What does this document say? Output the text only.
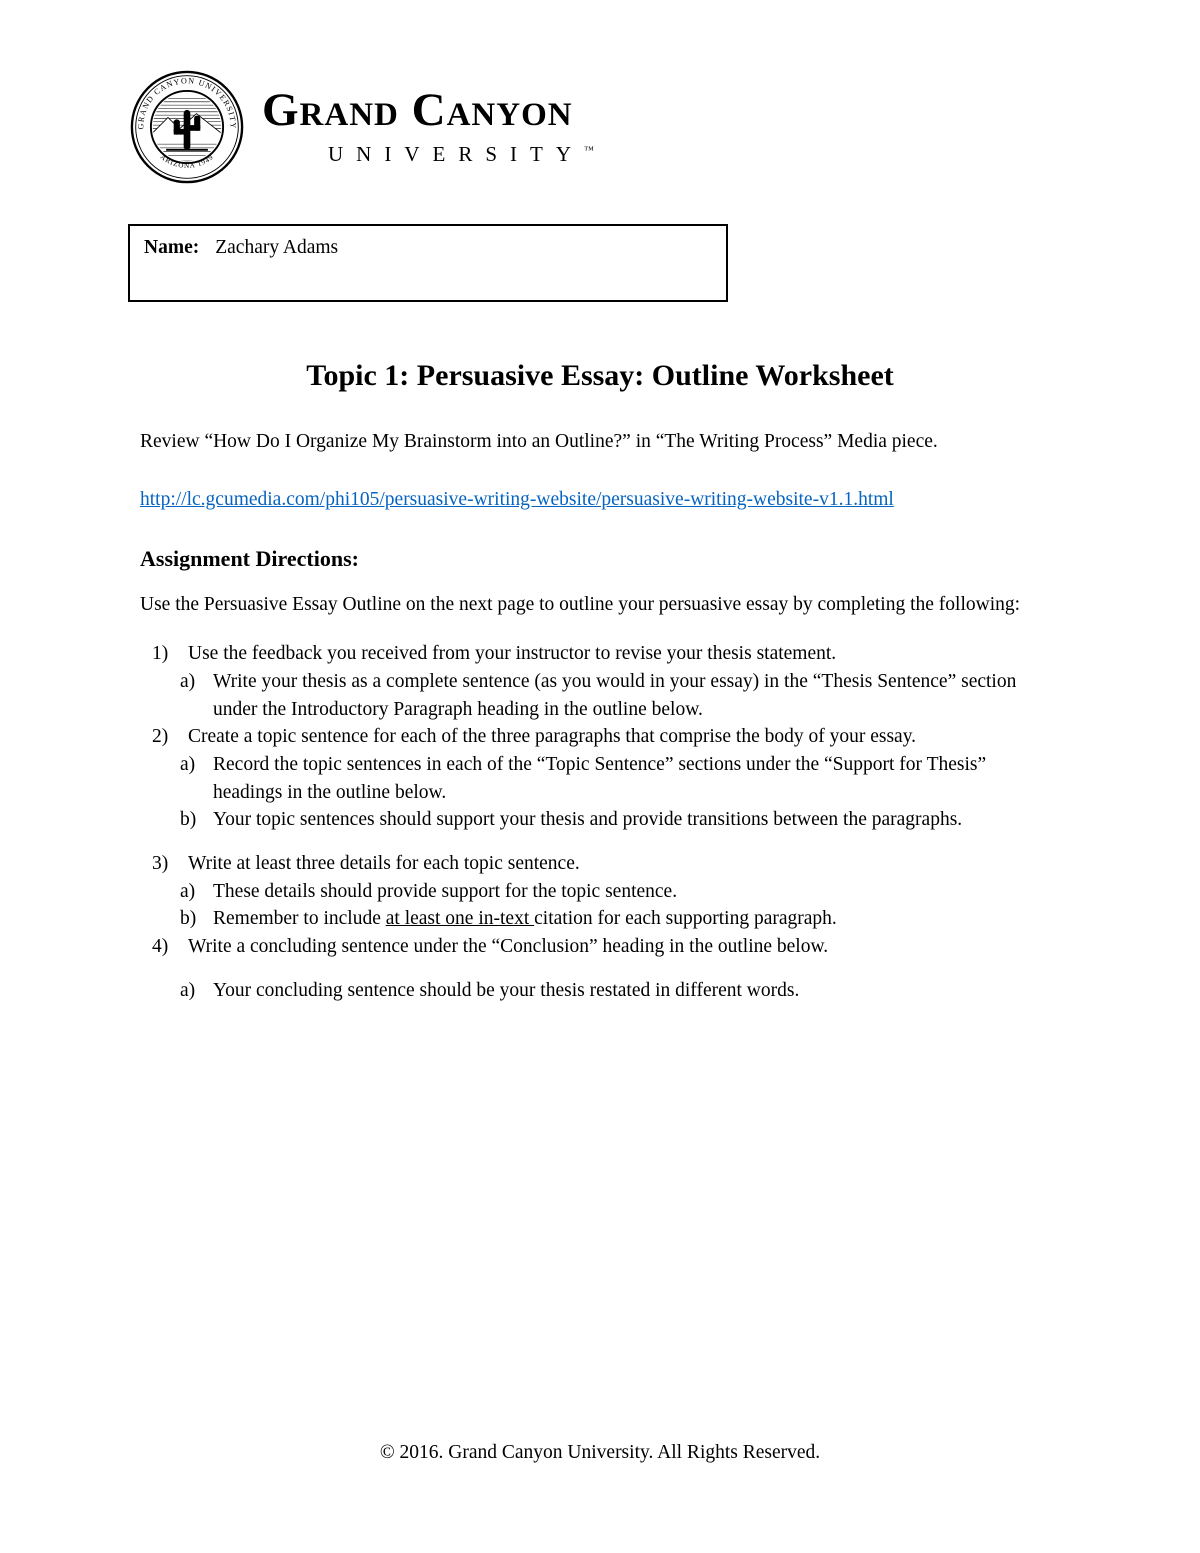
GRAND CANYON UNIVERSITY
ARIZONA 1949
Grand Canyon
UNIVERSITY™
Name: Zachary Adams
Topic 1: Persuasive Essay: Outline Worksheet

Review “How Do I Organize My Brainstorm into an Outline?” in “The Writing Process” Media piece.

http://lc.gcumedia.com/phi105/persuasive-writing-website/persuasive-writing-website-v1.1.html

Assignment Directions:

Use the Persuasive Essay Outline on the next page to outline your persuasive essay by completing the following:

1)	Use the feedback you received from your instructor to revise your thesis statement.
a) Write your thesis as a complete sentence (as you would in your essay) in the “Thesis Sentence” section under the Introductory Paragraph heading in the outline below.
2)	Create a topic sentence for each of the three paragraphs that comprise the body of your essay.
a) Record the topic sentences in each of the “Topic Sentence” sections under the “Support for Thesis” headings in the outline below.
b) Your topic sentences should support your thesis and provide transitions between the paragraphs.
3)	Write at least three details for each topic sentence.
a) These details should provide support for the topic sentence.
b) Remember to include at least one in-text citation for each supporting paragraph.
4)	Write a concluding sentence under the “Conclusion” heading in the outline below.
a) Your concluding sentence should be your thesis restated in different words.
© 2016. Grand Canyon University. All Rights Reserved.
